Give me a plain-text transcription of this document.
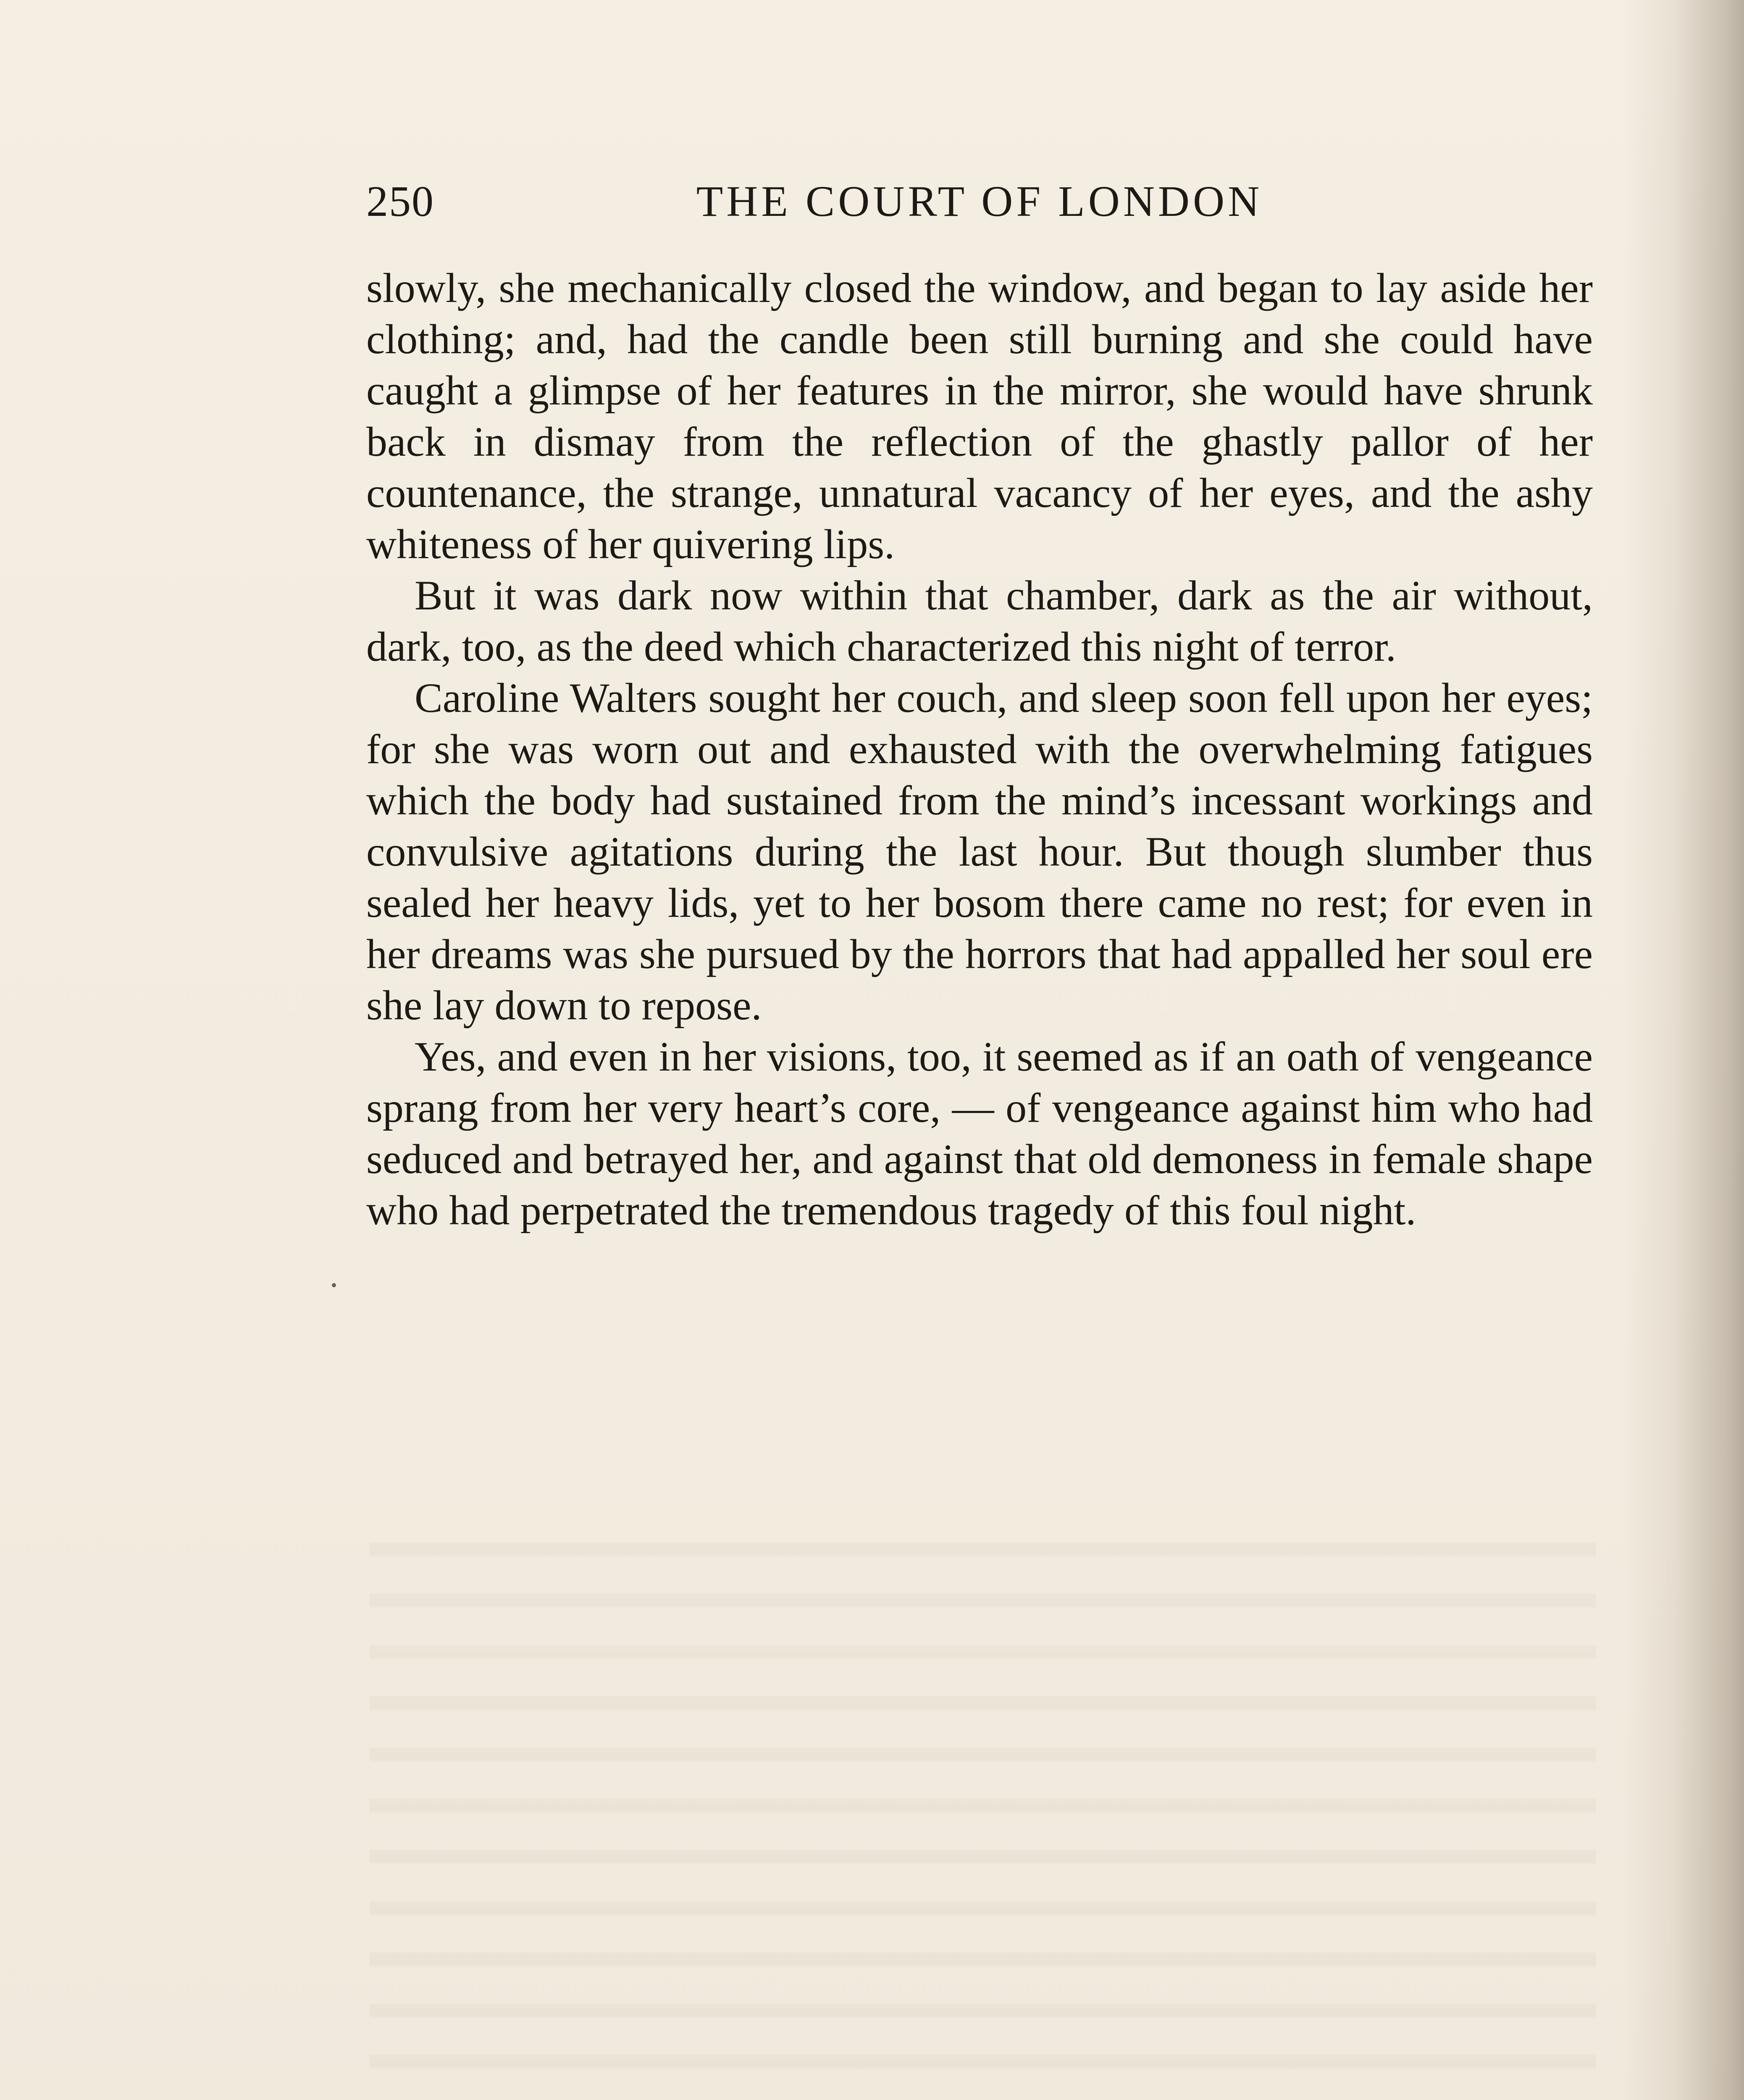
250	THE COURT OF LONDON

slowly, she mechanically closed the window, and began to lay aside her clothing; and, had the candle been still burning and she could have caught a glimpse of her features in the mirror, she would have shrunk back in dismay from the reflection of the ghastly pallor of her countenance, the strange, unnatural vacancy of her eyes, and the ashy whiteness of her quivering lips.

But it was dark now within that chamber, dark as the air without, dark, too, as the deed which characterized this night of terror.

Caroline Walters sought her couch, and sleep soon fell upon her eyes; for she was worn out and exhausted with the overwhelming fatigues which the body had sustained from the mind’s incessant workings and convulsive agitations during the last hour. But though slumber thus sealed her heavy lids, yet to her bosom there came no rest; for even in her dreams was she pursued by the horrors that had appalled her soul ere she lay down to repose.

Yes, and even in her visions, too, it seemed as if an oath of vengeance sprang from her very heart’s core, — of vengeance against him who had seduced and betrayed her, and against that old demoness in female shape who had perpetrated the tremendous tragedy of this foul night.
